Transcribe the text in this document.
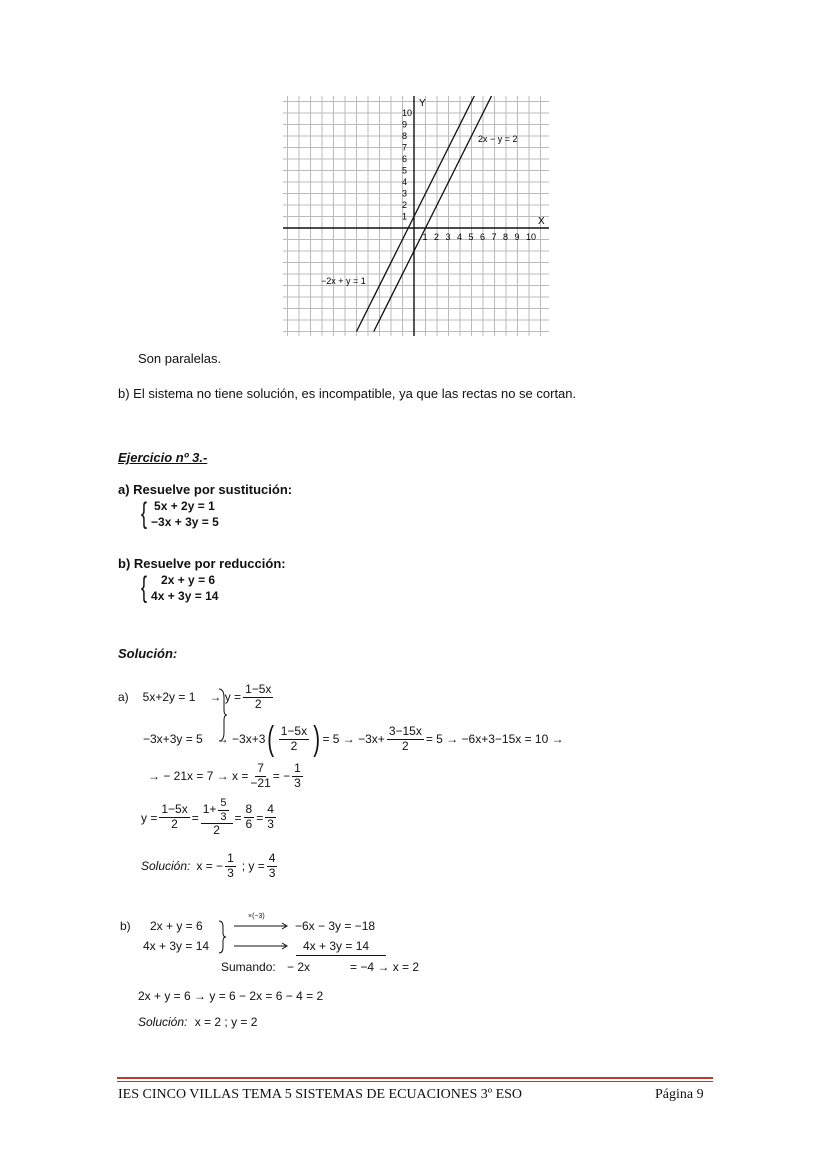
Y
X
10
9
8
7
6
5
4
3
2
1
1 2 3 4 5 6 7 8 9 10
2x − y = 2
−2x + y = 1
Son paralelas.
b) El sistema no tiene solución, es incompatible, ya que las rectas no se cortan.
Ejercicio nº 3.-
a) Resuelve por sustitución:
{ 5x + 2y = 1
−3x + 3y = 5
b) Resuelve por reducción:
{	2x + y = 6
4x + 3y = 14
Solución:
a) $5x+2y = 1 \to y = \frac{1-5x}{2}$
−3x+3y = 5 → −3x+3 ( $\frac{1-5x}{2}$ ) = $5 \to -3x+ \frac{3-15x}{2} = 5 \to -6x+3-15x = 10$ →
→ − $21x = 7 \to x = \frac{7}{-21}$ = − $\frac{1}{3}$
$y = \frac{1-5x}{2} = \frac{1+ \frac{5}{3}}{2} = \frac{8}{6} = \frac{4}{3}$
Solución: x = − $\frac{1}{3}$ ; $y = \frac{4}{3}$
b) 2x + y = 6
4x + 3y = 14
×(−3)
−6x − 3y = −18
4x + 3y = 14
Sumando: − 2x	= −4 → x = 2
2x + y = 6 → y = 6 − 2x = 6 − 4 = 2
Solución: x = 2 ; y = 2
IES CINCO VILLAS TEMA 5 SISTEMAS DE ECUACIONES 3º ESO	Página 9
